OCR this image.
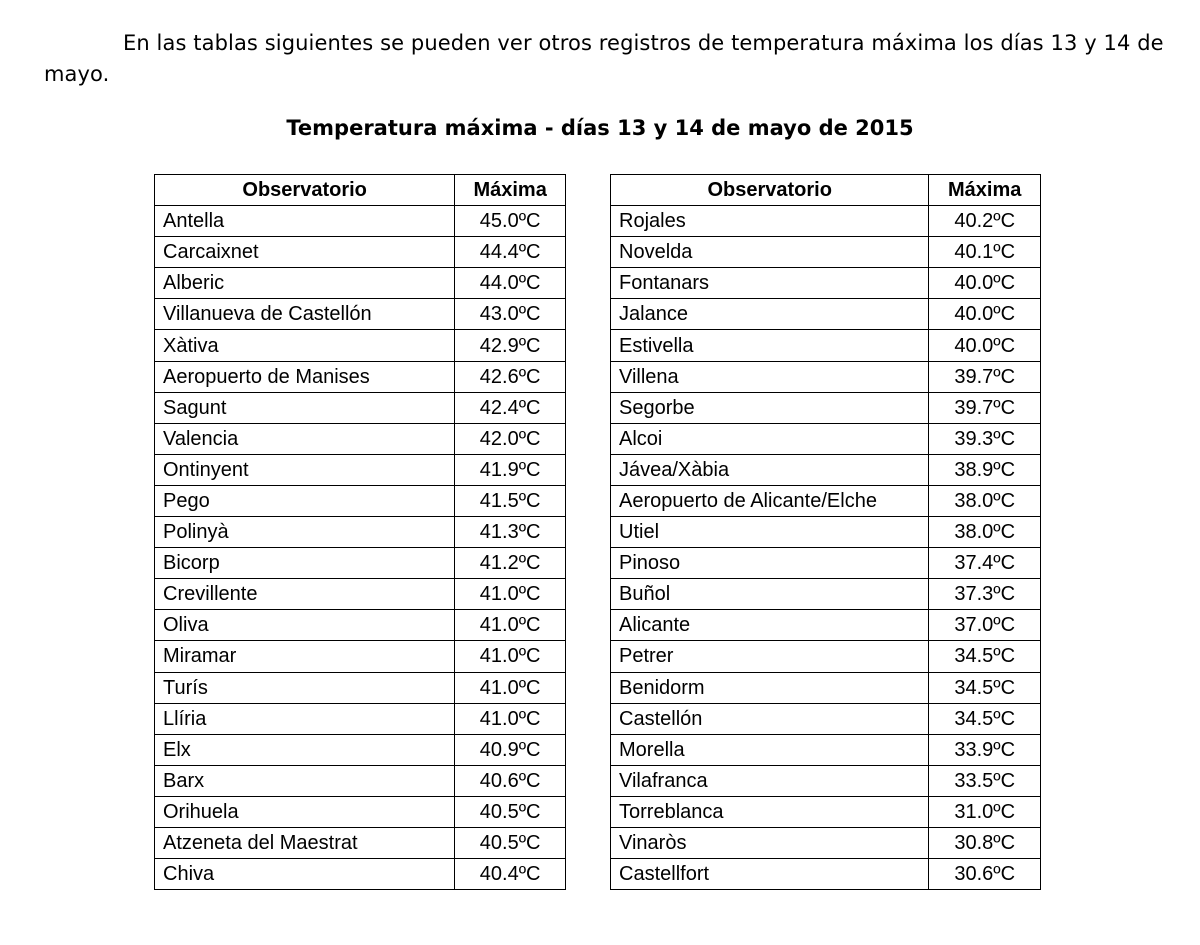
En las tablas siguientes se pueden ver otros registros de temperatura máxima los días 13 y 14 de mayo.

Temperatura máxima - días 13 y 14 de mayo de 2015
Observatorio	Máxima
Antella	45.0ºC
Carcaixnet	44.4ºC
Alberic	44.0ºC
Villanueva de Castellón	43.0ºC
Xàtiva	42.9ºC
Aeropuerto de Manises	42.6ºC
Sagunt	42.4ºC
Valencia	42.0ºC
Ontinyent	41.9ºC
Pego	41.5ºC
Polinyà	41.3ºC
Bicorp	41.2ºC
Crevillente	41.0ºC
Oliva	41.0ºC
Miramar	41.0ºC
Turís	41.0ºC
Llíria	41.0ºC
Elx	40.9ºC
Barx	40.6ºC
Orihuela	40.5ºC
Atzeneta del Maestrat	40.5ºC
Chiva	40.4ºC
Observatorio	Máxima
Rojales	40.2ºC
Novelda	40.1ºC
Fontanars	40.0ºC
Jalance	40.0ºC
Estivella	40.0ºC
Villena	39.7ºC
Segorbe	39.7ºC
Alcoi	39.3ºC
Jávea/Xàbia	38.9ºC
Aeropuerto de Alicante/Elche	38.0ºC
Utiel	38.0ºC
Pinoso	37.4ºC
Buñol	37.3ºC
Alicante	37.0ºC
Petrer	34.5ºC
Benidorm	34.5ºC
Castellón	34.5ºC
Morella	33.9ºC
Vilafranca	33.5ºC
Torreblanca	31.0ºC
Vinaròs	30.8ºC
Castellfort	30.6ºC
